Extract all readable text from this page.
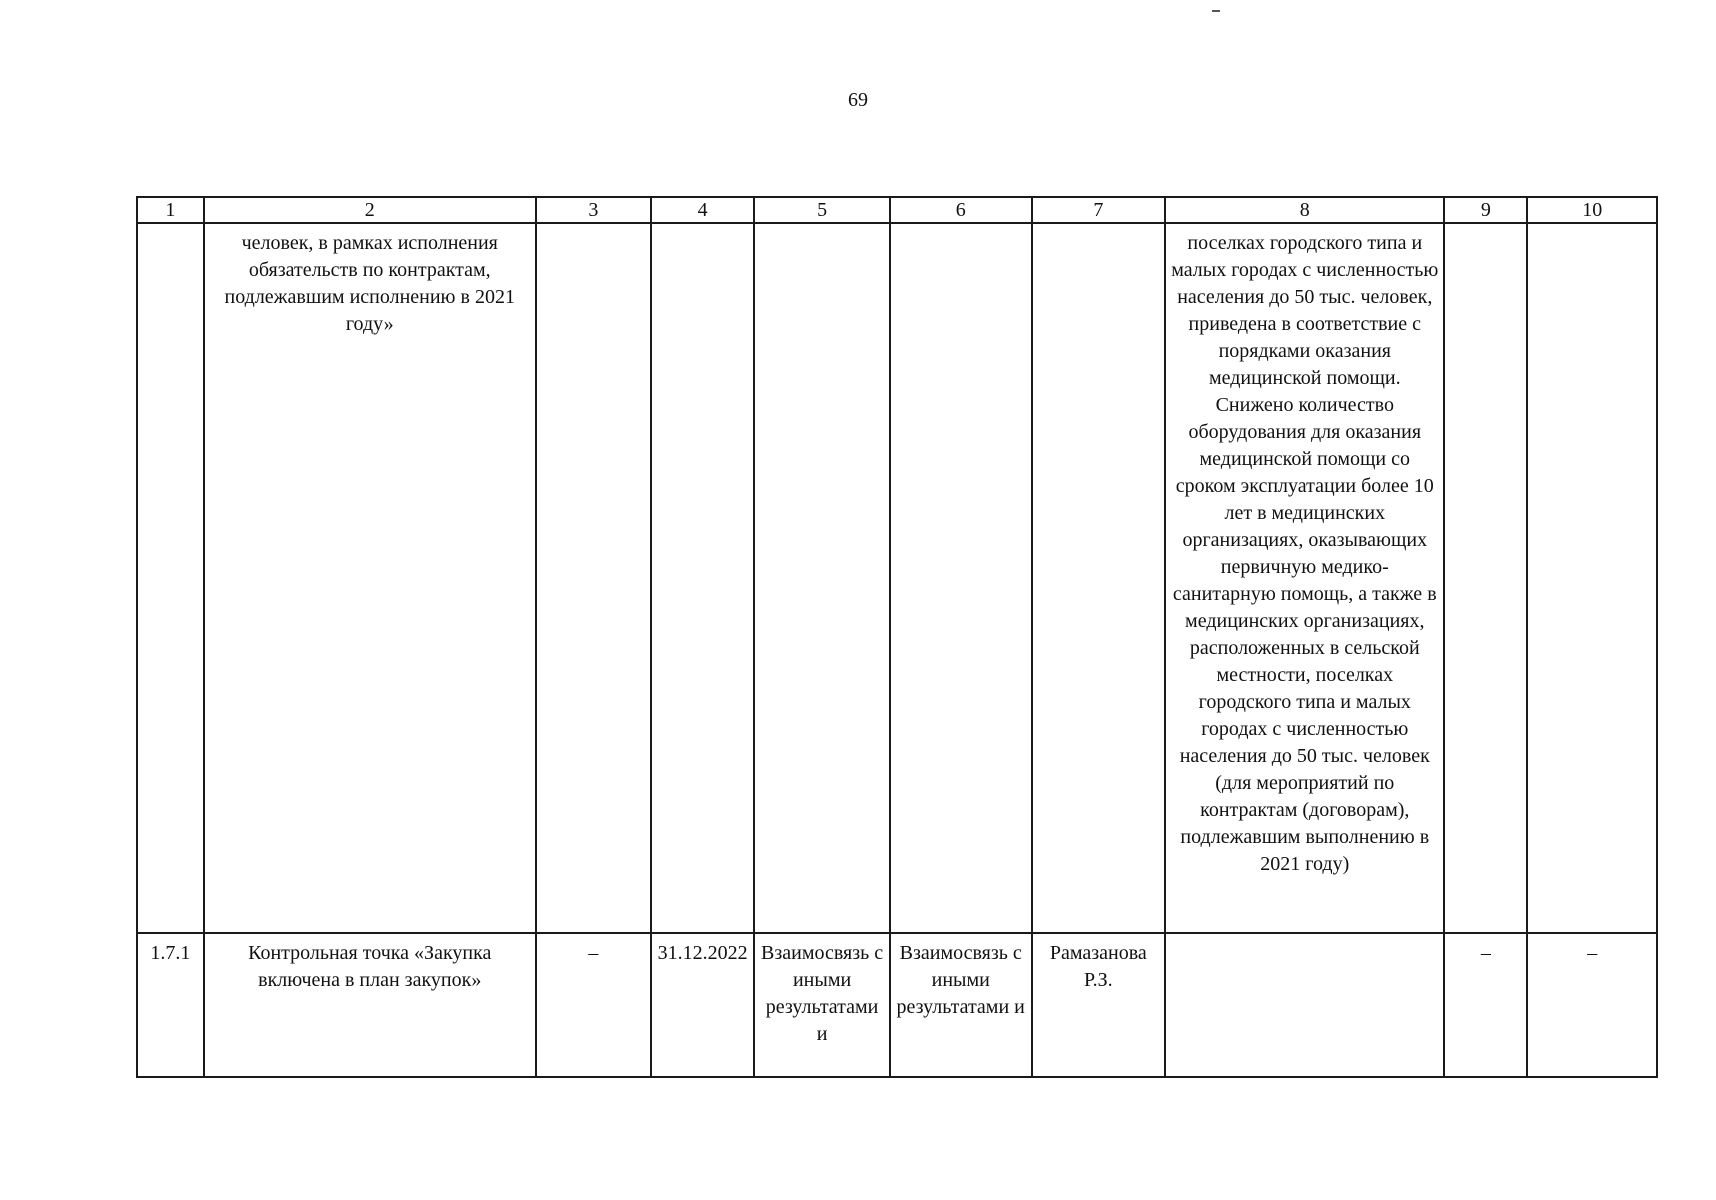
69
1	2	3	4	5	6	7	8	9	10
	человек, в рамках исполнения обязательств по контрактам, подлежавшим исполнению в 2021 году»						поселках городского типа и малых городах с численностью населения до 50 тыс. человек, приведена в соответствие с порядками оказания медицинской помощи. Снижено количество оборудования для оказания медицинской помощи со сроком эксплуатации более 10 лет в медицинских организациях, оказывающих первичную медико-санитарную помощь, а также в медицинских организациях, расположенных в сельской местности, поселках городского типа и малых городах с численностью населения до 50 тыс. человек (для мероприятий по контрактам (договорам), подлежавшим выполнению в 2021 году)		
1.7.1	Контрольная точка «Закупка включена в план закупок»	–	31.12.2022	Взаимосвязь с иными результатами и	Взаимосвязь с иными результатами и	Рамазанова Р.З.		–	–
